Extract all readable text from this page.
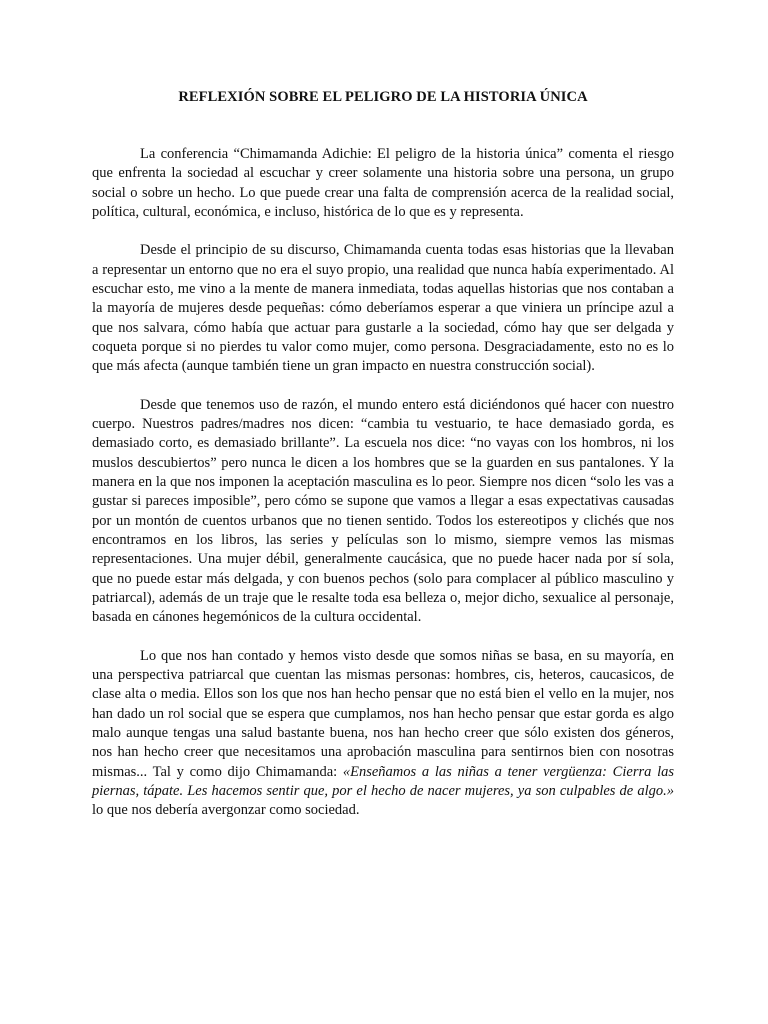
REFLEXIÓN SOBRE EL PELIGRO DE LA HISTORIA ÚNICA

La conferencia “Chimamanda Adichie: El peligro de la historia única” comenta el riesgo que enfrenta la sociedad al escuchar y creer solamente una historia sobre una persona, un grupo social o sobre un hecho. Lo que puede crear una falta de comprensión acerca de la realidad social, política, cultural, económica, e incluso, histórica de lo que es y representa.

Desde el principio de su discurso, Chimamanda cuenta todas esas historias que la llevaban a representar un entorno que no era el suyo propio, una realidad que nunca había experimentado. Al escuchar esto, me vino a la mente de manera inmediata, todas aquellas historias que nos contaban a la mayoría de mujeres desde pequeñas: cómo deberíamos esperar a que viniera un príncipe azul a que nos salvara, cómo había que actuar para gustarle a la sociedad, cómo hay que ser delgada y coqueta porque si no pierdes tu valor como mujer, como persona. Desgraciadamente, esto no es lo que más afecta (aunque también tiene un gran impacto en nuestra construcción social).

Desde que tenemos uso de razón, el mundo entero está diciéndonos qué hacer con nuestro cuerpo. Nuestros padres/madres nos dicen: “cambia tu vestuario, te hace demasiado gorda, es demasiado corto, es demasiado brillante”. La escuela nos dice: “no vayas con los hombros, ni los muslos descubiertos” pero nunca le dicen a los hombres que se la guarden en sus pantalones. Y la manera en la que nos imponen la aceptación masculina es lo peor. Siempre nos dicen “solo les vas a gustar si pareces imposible”, pero cómo se supone que vamos a llegar a esas expectativas causadas por un montón de cuentos urbanos que no tienen sentido. Todos los estereotipos y clichés que nos encontramos en los libros, las series y películas son lo mismo, siempre vemos las mismas representaciones. Una mujer débil, generalmente caucásica, que no puede hacer nada por sí sola, que no puede estar más delgada, y con buenos pechos (solo para complacer al público masculino y patriarcal), además de un traje que le resalte toda esa belleza o, mejor dicho, sexualice al personaje, basada en cánones hegemónicos de la cultura occidental.

Lo que nos han contado y hemos visto desde que somos niñas se basa, en su mayoría, en una perspectiva patriarcal que cuentan las mismas personas: hombres, cis, heteros, caucasicos, de clase alta o media. Ellos son los que nos han hecho pensar que no está bien el vello en la mujer, nos han dado un rol social que se espera que cumplamos, nos han hecho pensar que estar gorda es algo malo aunque tengas una salud bastante buena, nos han hecho creer que sólo existen dos géneros, nos han hecho creer que necesitamos una aprobación masculina para sentirnos bien con nosotras mismas... Tal y como dijo Chimamanda: «Enseñamos a las niñas a tener vergüenza: Cierra las piernas, tápate. Les hacemos sentir que, por el hecho de nacer mujeres, ya son culpables de algo.» lo que nos debería avergonzar como sociedad.
